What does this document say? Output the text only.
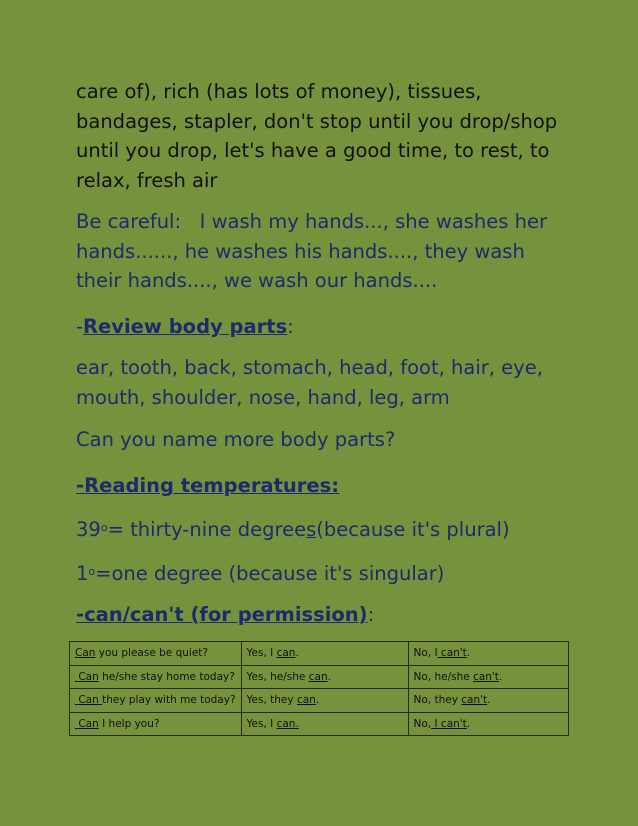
care of), rich (has lots of money), tissues, bandages, stapler, don't stop until you drop/shop until you drop, let's have a good time, to rest, to relax, fresh air

Be careful: I wash my hands..., she washes her hands......, he washes his hands...., they wash their hands...., we wash our hands....

-Review body parts:

ear, tooth, back, stomach, head, foot, hair, eye, mouth, shoulder, nose, hand, leg, arm

Can you name more body parts?

-Reading temperatures:

$39^o=$ thirty-nine degrees(because it's plural)

$1^o=one$ degree (because it's singular)

-can/can't (for permission):

Can you please be quiet?	Yes, I can.	No, I can't.
Can he/she stay home today?	Yes, he/she can.	No, he/she can't.
Can they play with me today?	Yes, they can.	No, they can't.
Can I help you?	Yes, I can.	No, I can't.
